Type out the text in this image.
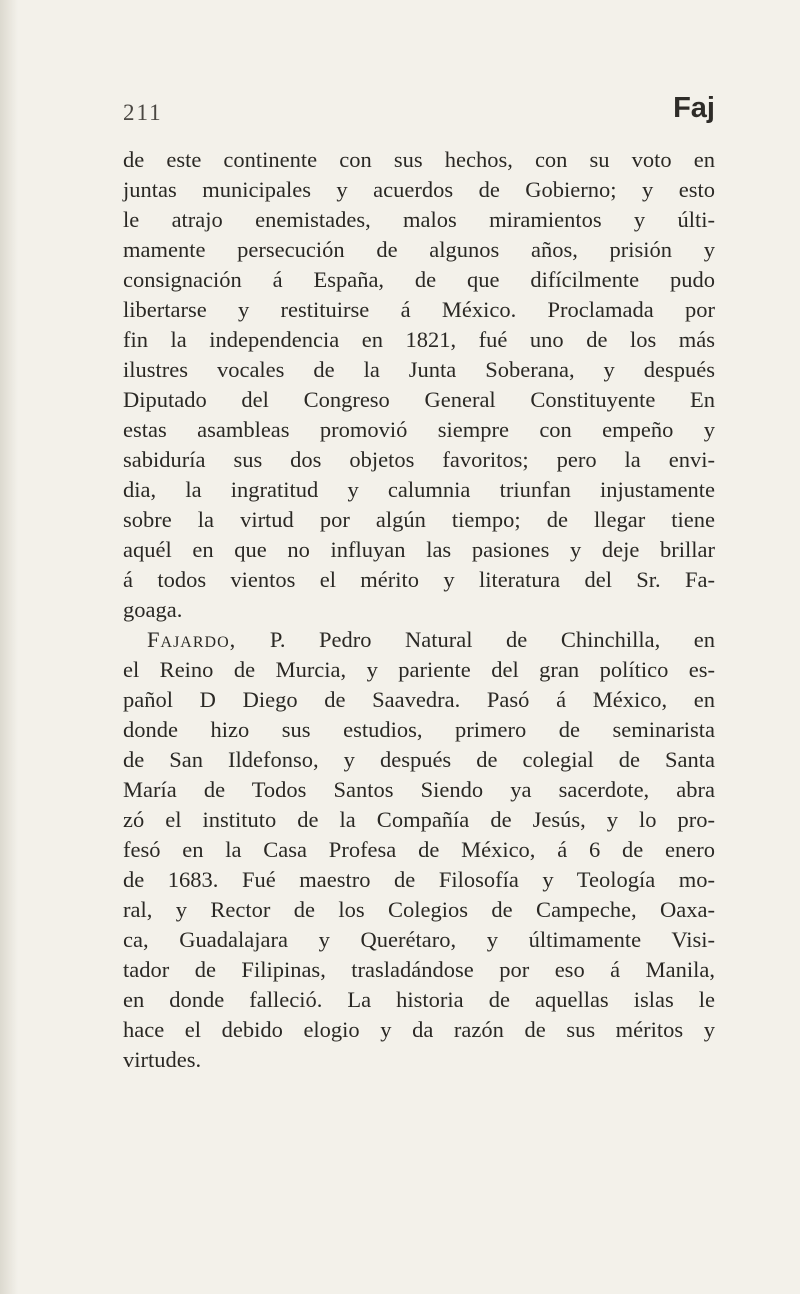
211	Faj
de este continente con sus hechos, con su voto en
juntas municipales y acuerdos de Gobierno; y esto
le atrajo enemistades, malos miramientos y últi-
mamente persecución de algunos años, prisión y
consignación á España, de que difícilmente pudo
libertarse y restituirse á México. Proclamada por
fin la independencia en 1821, fué uno de los más
ilustres vocales de la Junta Soberana, y después
Diputado del Congreso General Constituyente En
estas asambleas promovió siempre con empeño y
sabiduría sus dos objetos favoritos; pero la envi-
dia, la ingratitud y calumnia triunfan injustamente
sobre la virtud por algún tiempo; de llegar tiene
aquél en que no influyan las pasiones y deje brillar
á todos vientos el mérito y literatura del Sr. Fa-
goaga.
Fajardo, P. Pedro Natural de Chinchilla, en
el Reino de Murcia, y pariente del gran político es-
pañol D Diego de Saavedra. Pasó á México, en
donde hizo sus estudios, primero de seminarista
de San Ildefonso, y después de colegial de Santa
María de Todos Santos Siendo ya sacerdote, abra
zó el instituto de la Compañía de Jesús, y lo pro-
fesó en la Casa Profesa de México, á 6 de enero
de 1683. Fué maestro de Filosofía y Teología mo-
ral, y Rector de los Colegios de Campeche, Oaxa-
ca, Guadalajara y Querétaro, y últimamente Visi-
tador de Filipinas, trasladándose por eso á Manila,
en donde falleció. La historia de aquellas islas le
hace el debido elogio y da razón de sus méritos y
virtudes.
